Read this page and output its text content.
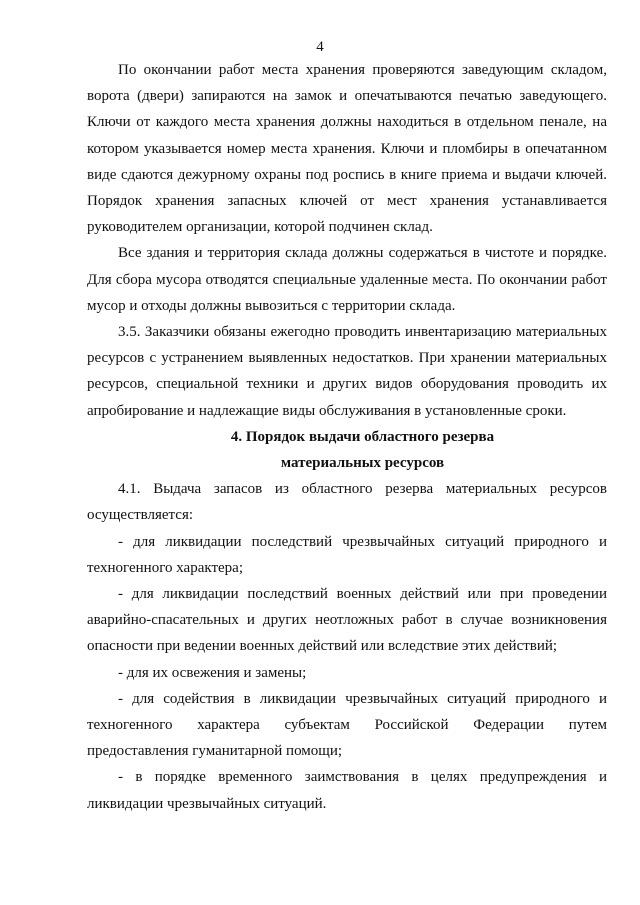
4

По окончании работ места хранения проверяются заведующим складом, ворота (двери) запираются на замок и опечатываются печатью заведующего. Ключи от каждого места хранения должны находиться в отдельном пенале, на котором указывается номер места хранения. Ключи и пломбиры в опечатанном виде сдаются дежурному охраны под роспись в книге приема и выдачи ключей. Порядок хранения запасных ключей от мест хранения устанавливается руководителем организации, которой подчинен склад.

Все здания и территория склада должны содержаться в чистоте и порядке. Для сбора мусора отводятся специальные удаленные места. По окончании работ мусор и отходы должны вывозиться с территории склада.

3.5. Заказчики обязаны ежегодно проводить инвентаризацию материальных ресурсов с устранением выявленных недостатков. При хранении материальных ресурсов, специальной техники и других видов оборудования проводить их апробирование и надлежащие виды обслуживания в установленные сроки.

4. Порядок выдачи областного резерва

материальных ресурсов

4.1. Выдача запасов из областного резерва материальных ресурсов осуществляется:

- для ликвидации последствий чрезвычайных ситуаций природного и техногенного характера;

- для ликвидации последствий военных действий или при проведении аварийно-спасательных и других неотложных работ в случае возникновения опасности при ведении военных действий или вследствие этих действий;

- для их освежения и замены;

- для содействия в ликвидации чрезвычайных ситуаций природного и техногенного характера субъектам Российской Федерации путем предоставления гуманитарной помощи;

- в порядке временного заимствования в целях предупреждения и ликвидации чрезвычайных ситуаций.
